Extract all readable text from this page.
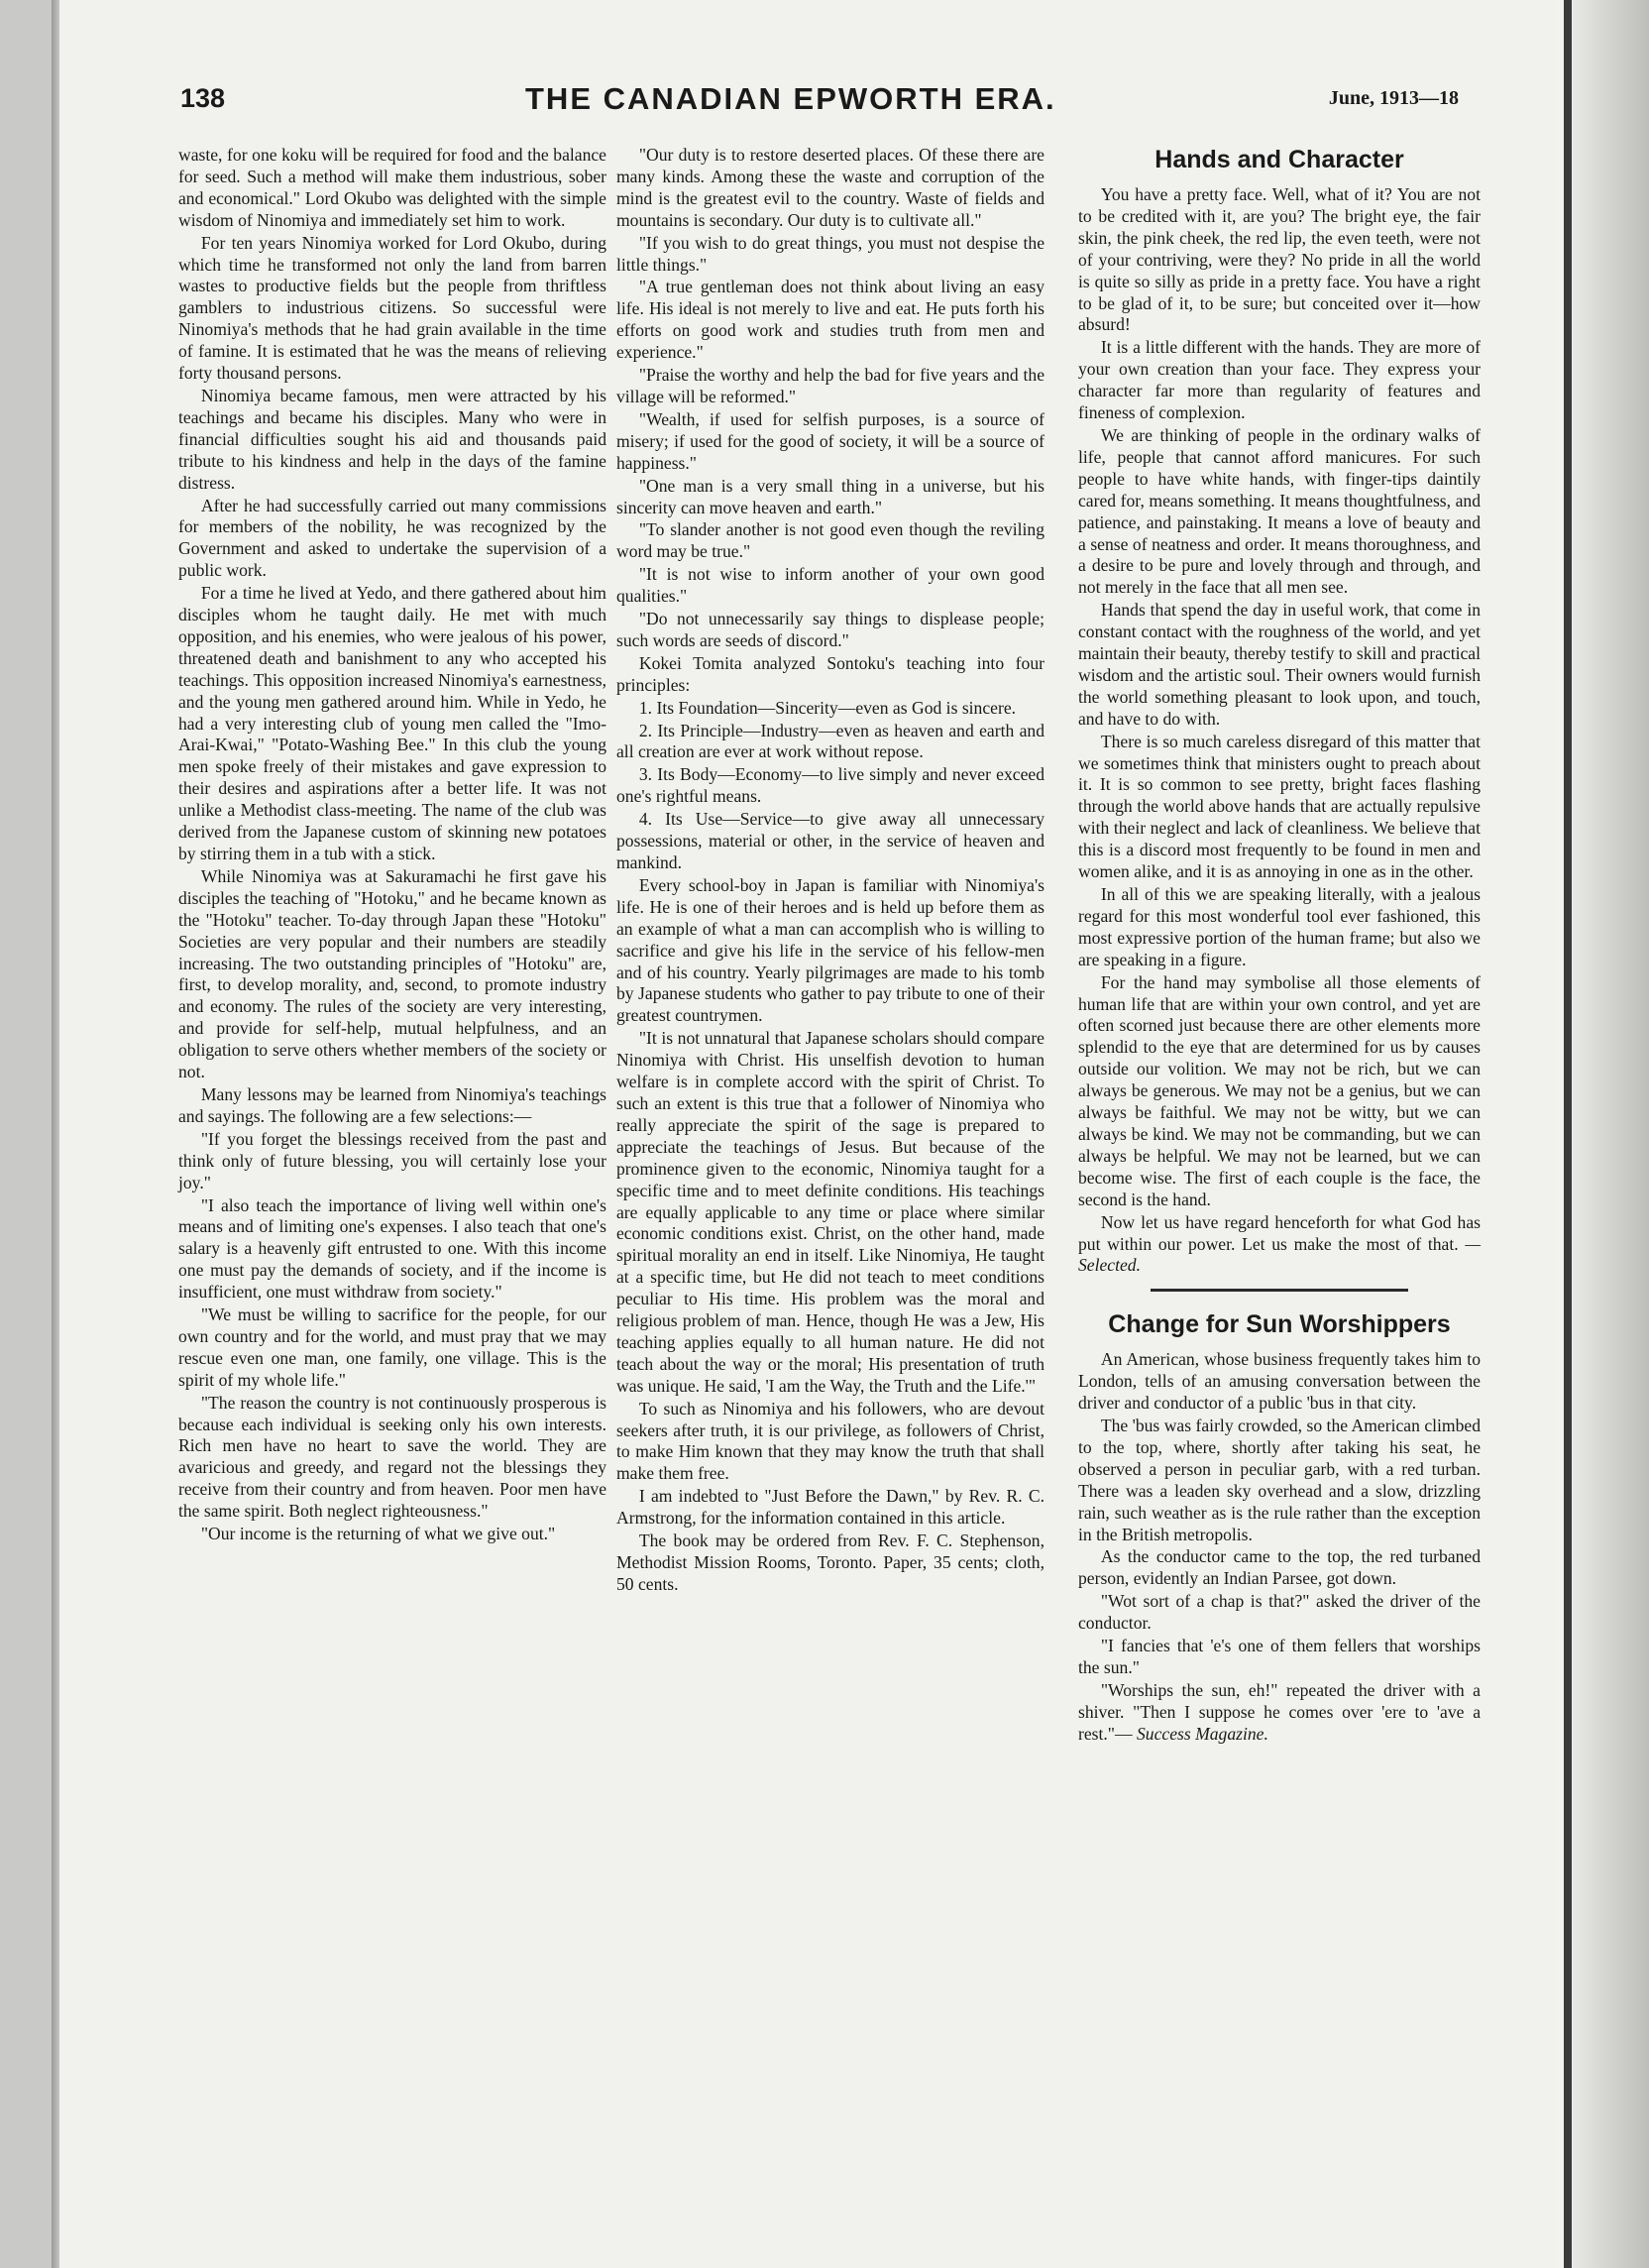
138	THE CANADIAN EPWORTH ERA.	June, 1913—18

waste, for one koku will be required for food and the balance for seed. Such a method will make them industrious, sober and economical." Lord Okubo was delighted with the simple wisdom of Ninomiya and immediately set him to work.

For ten years Ninomiya worked for Lord Okubo, during which time he transformed not only the land from barren wastes to productive fields but the people from thriftless gamblers to industrious citizens. So successful were Ninomiya's methods that he had grain available in the time of famine. It is estimated that he was the means of relieving forty thousand persons.

Ninomiya became famous, men were attracted by his teachings and became his disciples. Many who were in financial difficulties sought his aid and thousands paid tribute to his kindness and help in the days of the famine distress.

After he had successfully carried out many commissions for members of the nobility, he was recognized by the Government and asked to undertake the supervision of a public work.

For a time he lived at Yedo, and there gathered about him disciples whom he taught daily. He met with much opposition, and his enemies, who were jealous of his power, threatened death and banishment to any who accepted his teachings. This opposition increased Ninomiya's earnestness, and the young men gathered around him. While in Yedo, he had a very interesting club of young men called the "Imo-Arai-Kwai," "Potato-Washing Bee." In this club the young men spoke freely of their mistakes and gave expression to their desires and aspirations after a better life. It was not unlike a Methodist class-meeting. The name of the club was derived from the Japanese custom of skinning new potatoes by stirring them in a tub with a stick.

While Ninomiya was at Sakuramachi he first gave his disciples the teaching of "Hotoku," and he became known as the "Hotoku" teacher. To-day through Japan these "Hotoku" Societies are very popular and their numbers are steadily increasing. The two outstanding principles of "Hotoku" are, first, to develop morality, and, second, to promote industry and economy. The rules of the society are very interesting, and provide for self-help, mutual helpfulness, and an obligation to serve others whether members of the society or not.

Many lessons may be learned from Ninomiya's teachings and sayings. The following are a few selections:—

"If you forget the blessings received from the past and think only of future blessing, you will certainly lose your joy."

"I also teach the importance of living well within one's means and of limiting one's expenses. I also teach that one's salary is a heavenly gift entrusted to one. With this income one must pay the demands of society, and if the income is insufficient, one must withdraw from society."

"We must be willing to sacrifice for the people, for our own country and for the world, and must pray that we may rescue even one man, one family, one village. This is the spirit of my whole life."

"The reason the country is not continuously prosperous is because each individual is seeking only his own interests. Rich men have no heart to save the world. They are avaricious and greedy, and regard not the blessings they receive from their country and from heaven. Poor men have the same spirit. Both neglect righteousness."

"Our income is the returning of what we give out."

"Our duty is to restore deserted places. Of these there are many kinds. Among these the waste and corruption of the mind is the greatest evil to the country. Waste of fields and mountains is secondary. Our duty is to cultivate all."

"If you wish to do great things, you must not despise the little things."

"A true gentleman does not think about living an easy life. His ideal is not merely to live and eat. He puts forth his efforts on good work and studies truth from men and experience."

"Praise the worthy and help the bad for five years and the village will be reformed."

"Wealth, if used for selfish purposes, is a source of misery; if used for the good of society, it will be a source of happiness."

"One man is a very small thing in a universe, but his sincerity can move heaven and earth."

"To slander another is not good even though the reviling word may be true."

"It is not wise to inform another of your own good qualities."

"Do not unnecessarily say things to displease people; such words are seeds of discord."

Kokei Tomita analyzed Sontoku's teaching into four principles:

1. Its Foundation—Sincerity—even as God is sincere.

2. Its Principle—Industry—even as heaven and earth and all creation are ever at work without repose.

3. Its Body—Economy—to live simply and never exceed one's rightful means.

4. Its Use—Service—to give away all unnecessary possessions, material or other, in the service of heaven and mankind.

Every school-boy in Japan is familiar with Ninomiya's life. He is one of their heroes and is held up before them as an example of what a man can accomplish who is willing to sacrifice and give his life in the service of his fellow-men and of his country. Yearly pilgrimages are made to his tomb by Japanese students who gather to pay tribute to one of their greatest countrymen.

"It is not unnatural that Japanese scholars should compare Ninomiya with Christ. His unselfish devotion to human welfare is in complete accord with the spirit of Christ. To such an extent is this true that a follower of Ninomiya who really appreciate the spirit of the sage is prepared to appreciate the teachings of Jesus. But because of the prominence given to the economic, Ninomiya taught for a specific time and to meet definite conditions. His teachings are equally applicable to any time or place where similar economic conditions exist. Christ, on the other hand, made spiritual morality an end in itself. Like Ninomiya, He taught at a specific time, but He did not teach to meet conditions peculiar to His time. His problem was the moral and religious problem of man. Hence, though He was a Jew, His teaching applies equally to all human nature. He did not teach about the way or the moral; His presentation of truth was unique. He said, 'I am the Way, the Truth and the Life.'"

To such as Ninomiya and his followers, who are devout seekers after truth, it is our privilege, as followers of Christ, to make Him known that they may know the truth that shall make them free.

I am indebted to "Just Before the Dawn," by Rev. R. C. Armstrong, for the information contained in this article.

The book may be ordered from Rev. F. C. Stephenson, Methodist Mission Rooms, Toronto. Paper, 35 cents; cloth, 50 cents.

Hands and Character

You have a pretty face. Well, what of it? You are not to be credited with it, are you? The bright eye, the fair skin, the pink cheek, the red lip, the even teeth, were not of your contriving, were they? No pride in all the world is quite so silly as pride in a pretty face. You have a right to be glad of it, to be sure; but conceited over it—how absurd!

It is a little different with the hands. They are more of your own creation than your face. They express your character far more than regularity of features and fineness of complexion.

We are thinking of people in the ordinary walks of life, people that cannot afford manicures. For such people to have white hands, with finger-tips daintily cared for, means something. It means thoughtfulness, and patience, and painstaking. It means a love of beauty and a sense of neatness and order. It means thoroughness, and a desire to be pure and lovely through and through, and not merely in the face that all men see.

Hands that spend the day in useful work, that come in constant contact with the roughness of the world, and yet maintain their beauty, thereby testify to skill and practical wisdom and the artistic soul. Their owners would furnish the world something pleasant to look upon, and touch, and have to do with.

There is so much careless disregard of this matter that we sometimes think that ministers ought to preach about it. It is so common to see pretty, bright faces flashing through the world above hands that are actually repulsive with their neglect and lack of cleanliness. We believe that this is a discord most frequently to be found in men and women alike, and it is as annoying in one as in the other.

In all of this we are speaking literally, with a jealous regard for this most wonderful tool ever fashioned, this most expressive portion of the human frame; but also we are speaking in a figure.

For the hand may symbolise all those elements of human life that are within your own control, and yet are often scorned just because there are other elements more splendid to the eye that are determined for us by causes outside our volition. We may not be rich, but we can always be generous. We may not be a genius, but we can always be faithful. We may not be witty, but we can always be kind. We may not be commanding, but we can always be helpful. We may not be learned, but we can become wise. The first of each couple is the face, the second is the hand.

Now let us have regard henceforth for what God has put within our power. Let us make the most of that. —Selected.

Change for Sun Worshippers

An American, whose business frequently takes him to London, tells of an amusing conversation between the driver and conductor of a public 'bus in that city.

The 'bus was fairly crowded, so the American climbed to the top, where, shortly after taking his seat, he observed a person in peculiar garb, with a red turban. There was a leaden sky overhead and a slow, drizzling rain, such weather as is the rule rather than the exception in the British metropolis.

As the conductor came to the top, the red turbaned person, evidently an Indian Parsee, got down.

"Wot sort of a chap is that?" asked the driver of the conductor.

"I fancies that 'e's one of them fellers that worships the sun."

"Worships the sun, eh!" repeated the driver with a shiver. "Then I suppose he comes over 'ere to 'ave a rest."— Success Magazine.
